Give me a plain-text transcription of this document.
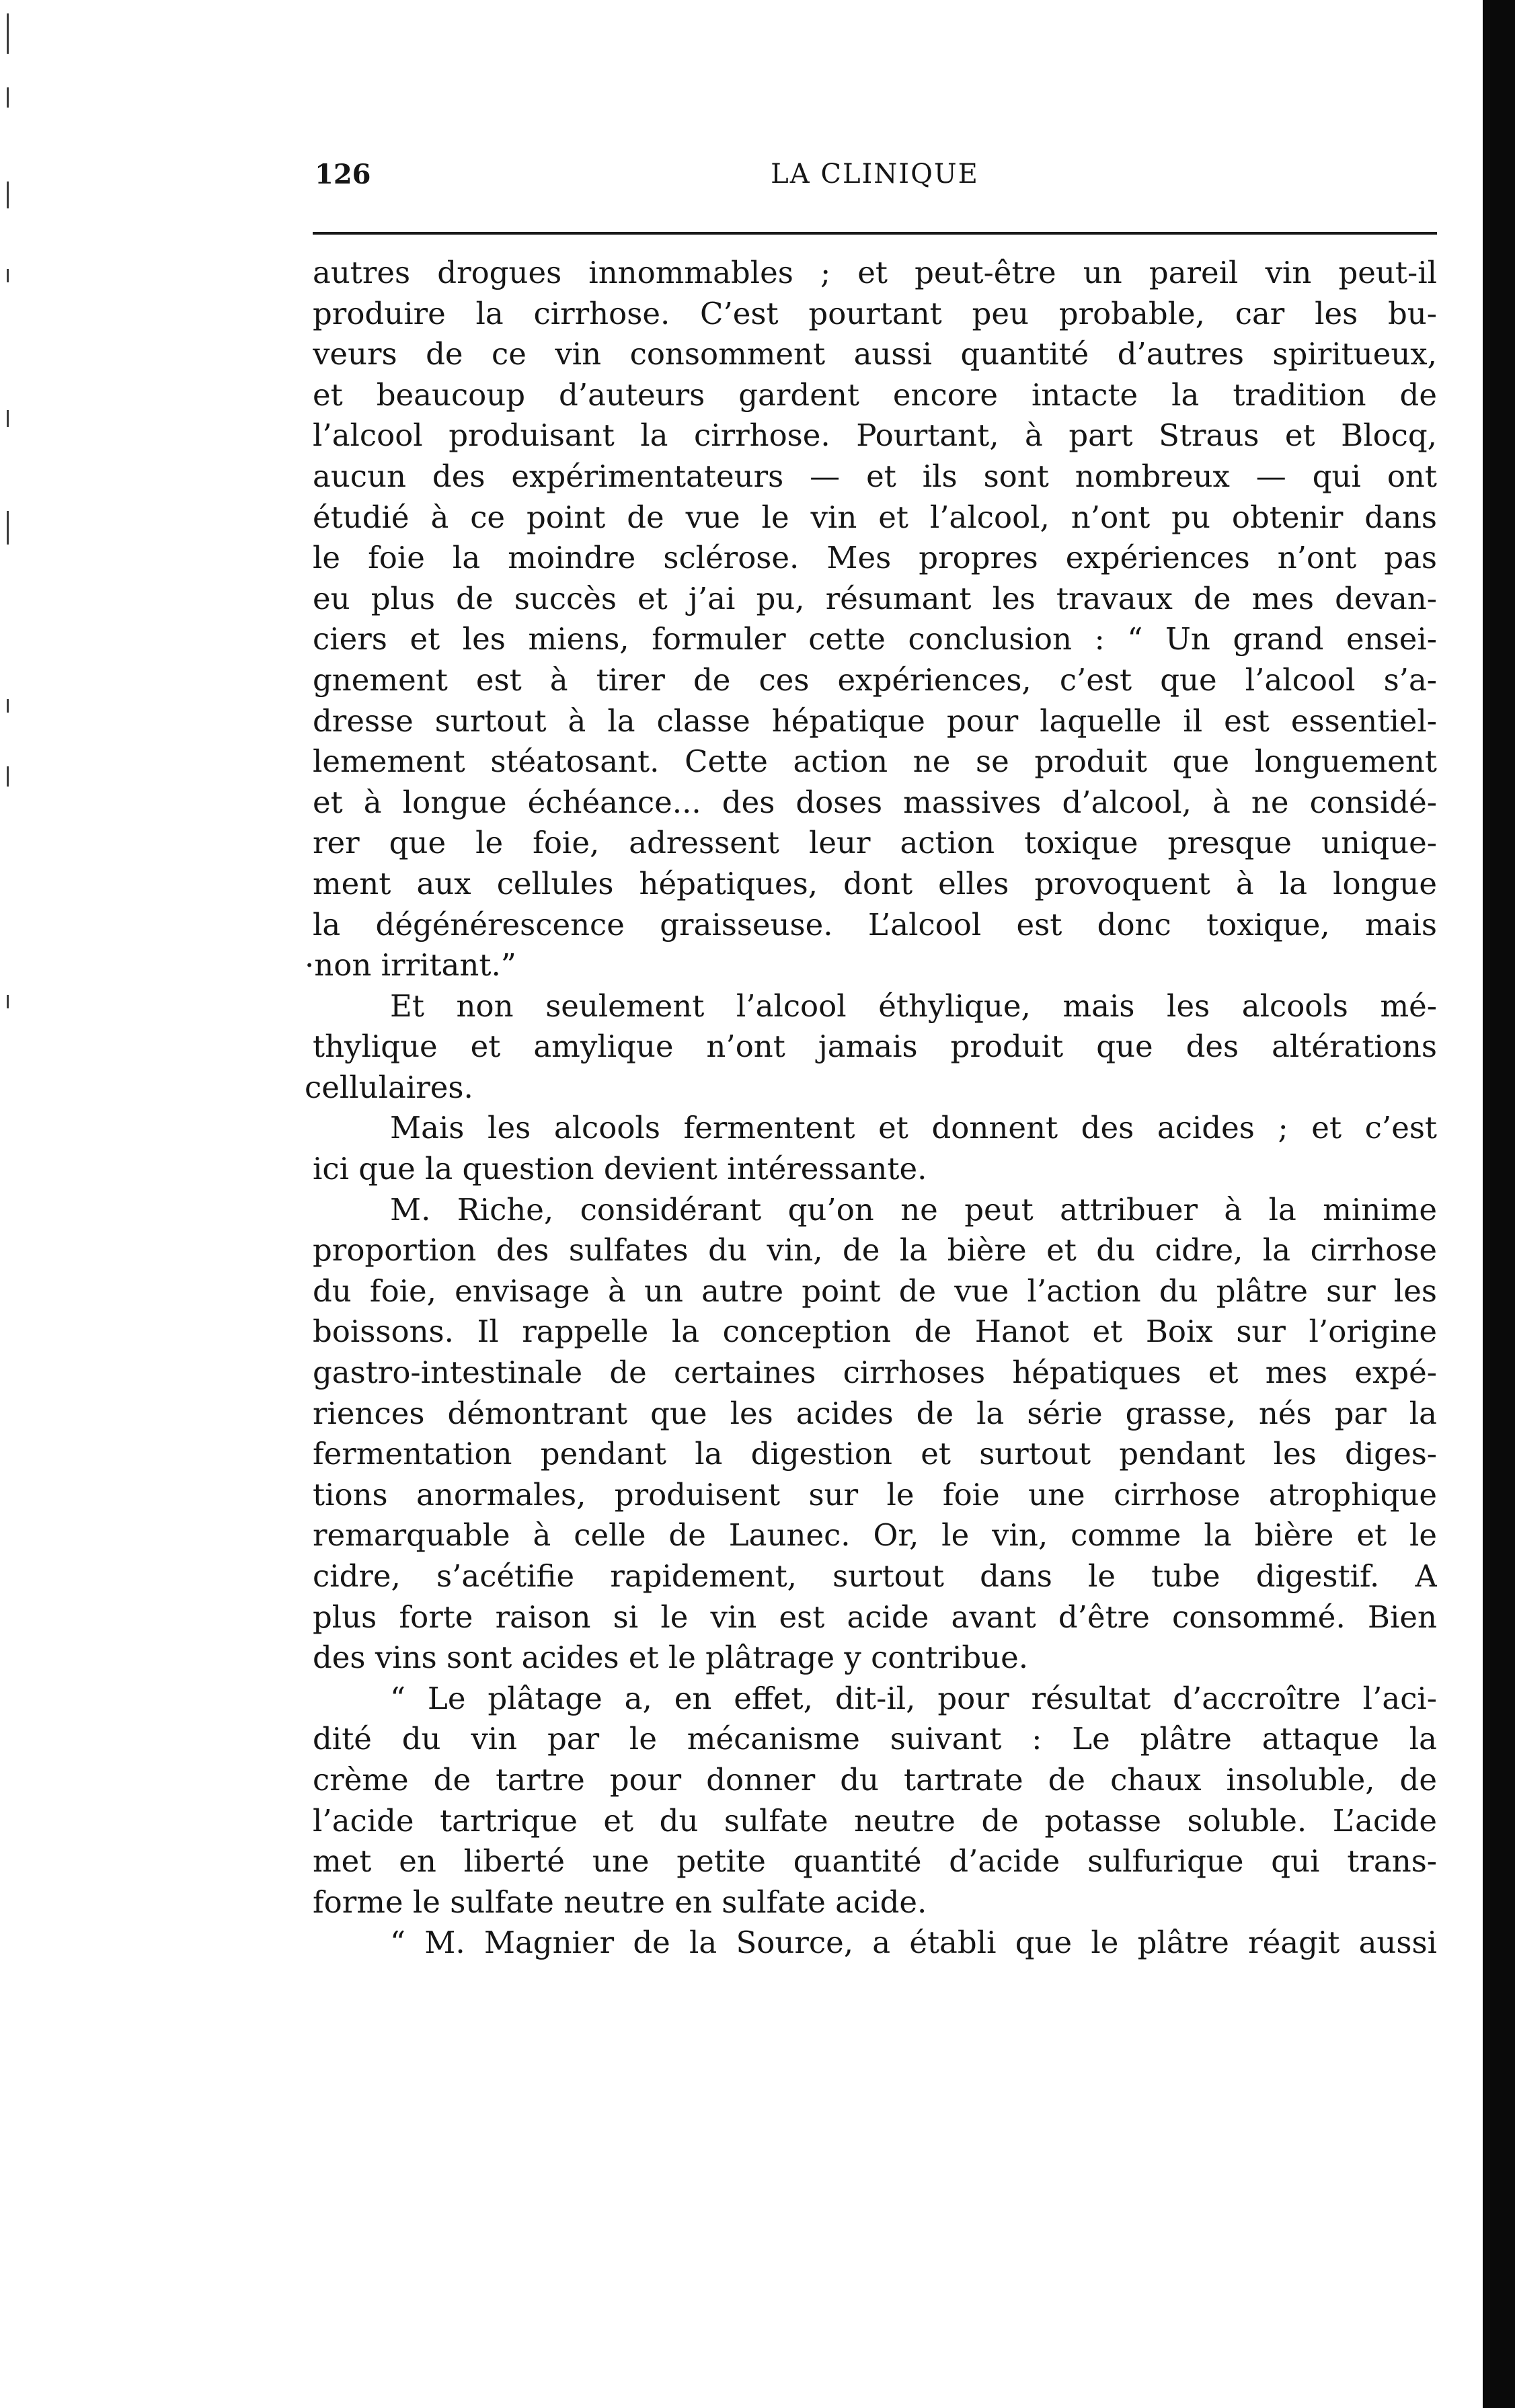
LA CLINIQUE
126
autres drogues innommables ; et peut-être un pareil vin peut-il
produire la cirrhose. C’est pourtant peu probable, car les bu-
veurs de ce vin consomment aussi quantité d’autres spiritueux,
et beaucoup d’auteurs gardent encore intacte la tradition de
l’alcool produisant la cirrhose. Pourtant, à part Straus et Blocq,
aucun des expérimentateurs — et ils sont nombreux — qui ont
étudié à ce point de vue le vin et l’alcool, n’ont pu obtenir dans
le foie la moindre sclérose. Mes propres expériences n’ont pas
eu plus de succès et j’ai pu, résumant les travaux de mes devan-
ciers et les miens, formuler cette conclusion : “ Un grand ensei-
gnement est à tirer de ces expériences, c’est que l’alcool s’a-
dresse surtout à la classe hépatique pour laquelle il est essentiel-
lemement stéatosant. Cette action ne se produit que longuement
et à longue échéance... des doses massives d’alcool, à ne considé-
rer que le foie, adressent leur action toxique presque unique-
ment aux cellules hépatiques, dont elles provoquent à la longue
la dégénérescence graisseuse. L’alcool est donc toxique, mais
·non irritant.”
Et non seulement l’alcool éthylique, mais les alcools mé-
thylique et amylique n’ont jamais produit que des altérations
cellulaires.
Mais les alcools fermentent et donnent des acides ; et c’est
ici que la question devient intéressante.
M. Riche, considérant qu’on ne peut attribuer à la minime
proportion des sulfates du vin, de la bière et du cidre, la cirrhose
du foie, envisage à un autre point de vue l’action du plâtre sur les
boissons. Il rappelle la conception de Hanot et Boix sur l’origine
gastro-intestinale de certaines cirrhoses hépatiques et mes expé-
riences démontrant que les acides de la série grasse, nés par la
fermentation pendant la digestion et surtout pendant les diges-
tions anormales, produisent sur le foie une cirrhose atrophique
remarquable à celle de Launec. Or, le vin, comme la bière et le
cidre, s’acétifie rapidement, surtout dans le tube digestif. A
plus forte raison si le vin est acide avant d’être consommé. Bien
des vins sont acides et le plâtrage y contribue.
“ Le plâtage a, en effet, dit-il, pour résultat d’accroître l’aci-
dité du vin par le mécanisme suivant : Le plâtre attaque la
crème de tartre pour donner du tartrate de chaux insoluble, de
l’acide tartrique et du sulfate neutre de potasse soluble. L’acide
met en liberté une petite quantité d’acide sulfurique qui trans-
forme le sulfate neutre en sulfate acide.
“ M. Magnier de la Source, a établi que le plâtre réagit aussi
